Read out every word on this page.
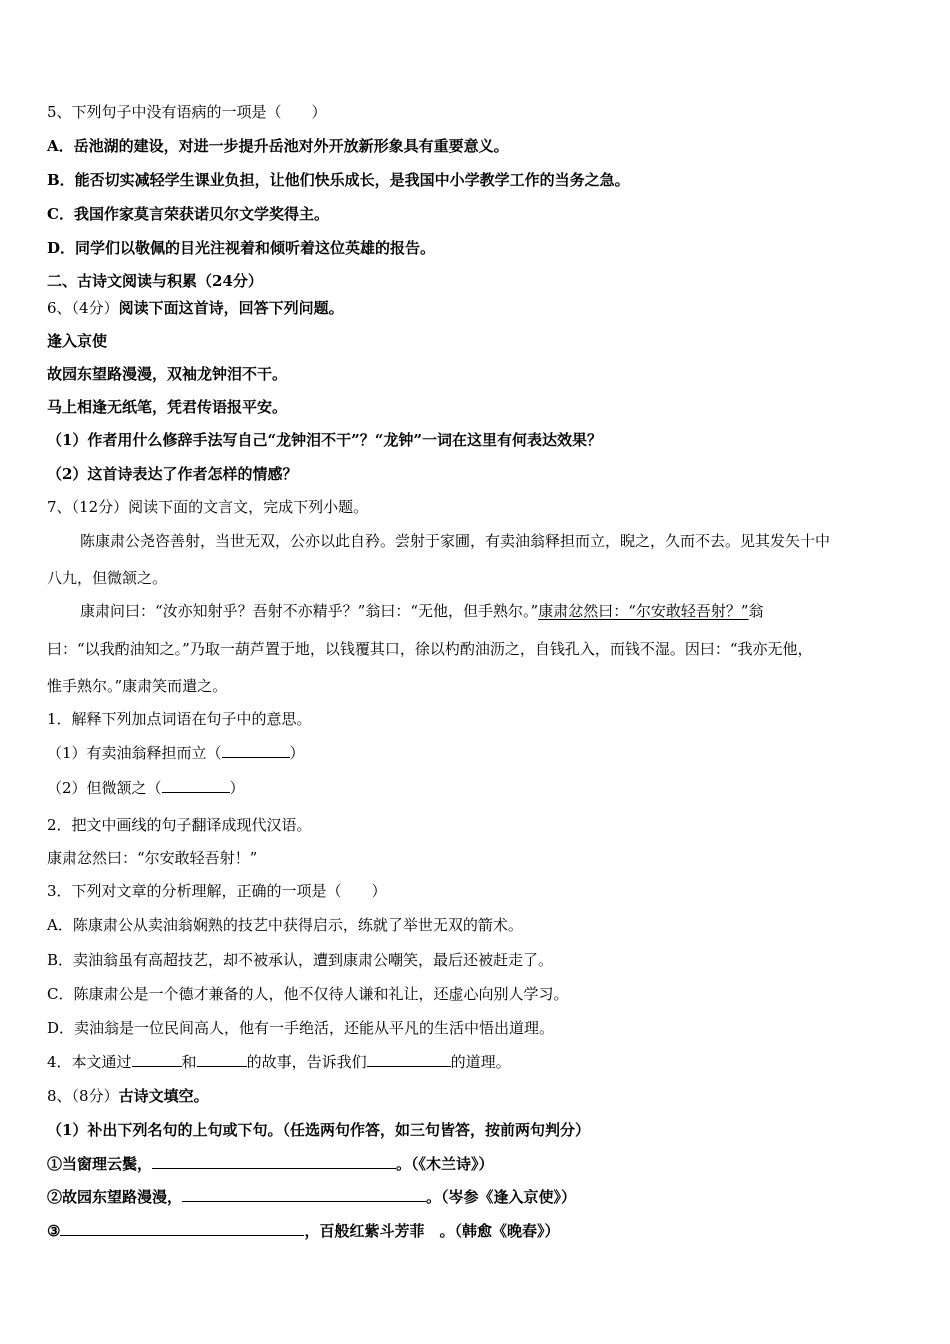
5、下列句子中没有语病的一项是（　　）
A．岳池湖的建设，对进一步提升岳池对外开放新形象具有重要意义。
B．能否切实减轻学生课业负担，让他们快乐成长，是我国中小学教学工作的当务之急。
C．我国作家莫言荣获诺贝尔文学奖得主。
D．同学们以敬佩的目光注视着和倾听着这位英雄的报告。
二、古诗文阅读与积累（24分）
6、（4分）阅读下面这首诗，回答下列问题。
逢入京使
故园东望路漫漫，双袖龙钟泪不干。
马上相逢无纸笔，凭君传语报平安。
（1）作者用什么修辞手法写自己“龙钟泪不干”？“龙钟”一词在这里有何表达效果？
（2）这首诗表达了作者怎样的情感？
7、（12分）阅读下面的文言文，完成下列小题。
陈康肃公尧咨善射，当世无双，公亦以此自矜。尝射于家圃，有卖油翁释担而立，睨之，久而不去。见其发矢十中
八九，但微颔之。
康肃问曰：“汝亦知射乎？吾射不亦精乎？”翁曰：“无他，但手熟尔。”康肃忿然曰：“尔安敢轻吾射？”翁
曰：“以我酌油知之。”乃取一葫芦置于地，以钱覆其口，徐以杓酌油沥之，自钱孔入，而钱不湿。因曰：“我亦无他，
惟手熟尔。”康肃笑而遣之。
1．解释下列加点词语在句子中的意思。
（1）有卖油翁释担而立（	）
（2）但微颔之（	）
2．把文中画线的句子翻译成现代汉语。
康肃忿然曰：“尔安敢轻吾射！”
3．下列对文章的分析理解，正确的一项是（　　）
A．陈康肃公从卖油翁娴熟的技艺中获得启示，练就了举世无双的箭术。
B．卖油翁虽有高超技艺，却不被承认，遭到康肃公嘲笑，最后还被赶走了。
C．陈康肃公是一个德才兼备的人，他不仅待人谦和礼让，还虚心向别人学习。
D．卖油翁是一位民间高人，他有一手绝活，还能从平凡的生活中悟出道理。
4．本文通过	和	的故事，告诉我们	的道理。
8、（8分）古诗文填空。
（1）补出下列名句的上句或下句。（任选两句作答，如三句皆答，按前两句判分）
①当窗理云鬓，	。（《木兰诗》）
②故园东望路漫漫，	。（岑参《逢入京使》）
③	，百般红紫斗芳菲　。（韩愈《晚春》）
